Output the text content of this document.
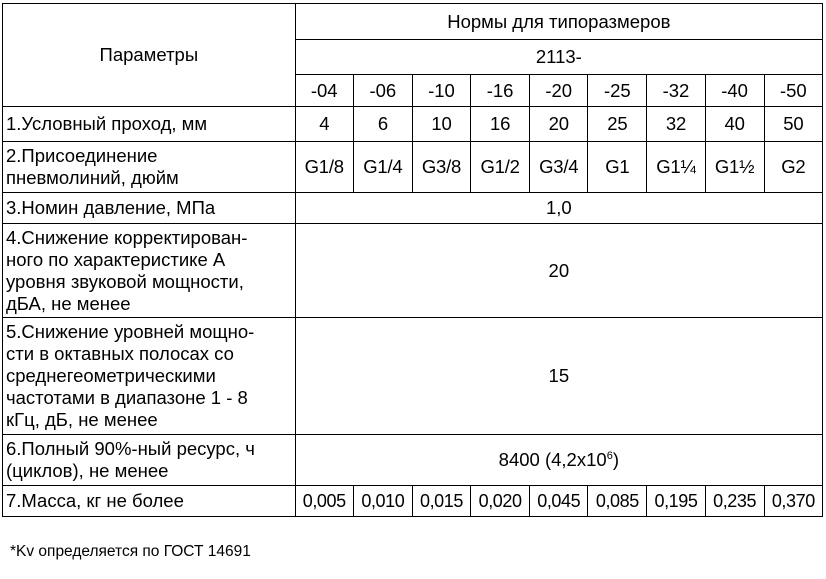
Параметры	Нормы для типоразмеров								
	2113-								
	-04	-06	-10	-16	-20	-25	-32	-40	-50
1.Условный проход, мм	4	6	10	16	20	25	32	40	50

2.Присоединение
пневмолиний, дюйм	G1/8	G1/4	G3/8	G1/2	G3/4	G1	G1¼	G1½	G2
3.Номин давление, МПа	1,0								

4.Снижение корректирован-
ного по характеристике А
уровня звуковой мощности,
дБА, не менее	20								

5.Снижение уровней мощно-
сти в октавных полосах со
среднегеометрическими
частотами в диапазоне 1 - 8
кГц, дБ, не менее	15								

6.Полный 90%-ный ресурс, ч
(циклов), не менее	8400 $(4,2x10^6)$								
7.Масса, кг не более	0,005	0,010	0,015	0,020	0,045	0,085	0,195	0,235	0,370
*Kv определяется по ГОСТ 14691
